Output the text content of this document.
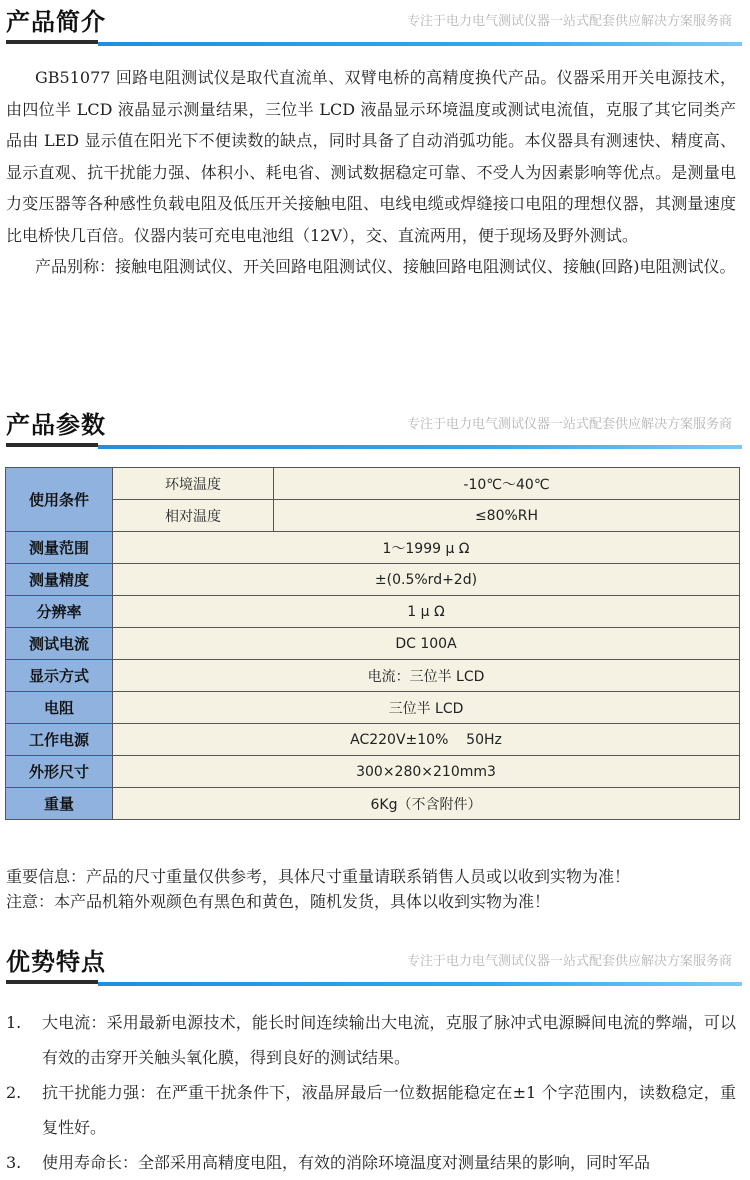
产品简介	专注于电力电气测试仪器一站式配套供应解决方案服务商

GB51077 回路电阻测试仪是取代直流单、双臂电桥的高精度换代产品。仪器采用开关电源技术，由四位半 LCD 液晶显示测量结果，三位半 LCD 液晶显示环境温度或测试电流值，克服了其它同类产品由 LED 显示值在阳光下不便读数的缺点，同时具备了自动消弧功能。本仪器具有测速快、精度高、显示直观、抗干扰能力强、体积小、耗电省、测试数据稳定可靠、不受人为因素影响等优点。是测量电力变压器等各种感性负载电阻及低压开关接触电阻、电线电缆或焊缝接口电阻的理想仪器，其测量速度比电桥快几百倍。仪器内装可充电电池组（12V），交、直流两用，便于现场及野外测试。

产品别称：接触电阻测试仪、开关回路电阻测试仪、接触回路电阻测试仪、接触(回路)电阻测试仪。

产品参数	专注于电力电气测试仪器一站式配套供应解决方案服务商
使用条件	环境温度	-10℃～40℃
	相对温度	≤80%RH
测量范围	1～1999 μ Ω	
测量精度	±(0.5%rd+2d)	
分辨率	1 μ Ω	
测试电流	DC 100A	
显示方式	电流：三位半 LCD	
电阻	三位半 LCD	
工作电源	AC220V±10%    50Hz	
外形尺寸	300×280×210mm3	
重量	6Kg（不含附件）	
重要信息：产品的尺寸重量仅供参考，具体尺寸重量请联系销售人员或以收到实物为准！
注意：本产品机箱外观颜色有黑色和黄色，随机发货，具体以收到实物为准！
优势特点	专注于电力电气测试仪器一站式配套供应解决方案服务商
1. 大电流：采用最新电源技术，能长时间连续输出大电流，克服了脉冲式电源瞬间电流的弊端，可以有效的击穿开关触头氧化膜，得到良好的测试结果。
2. 抗干扰能力强：在严重干扰条件下，液晶屏最后一位数据能稳定在±1 个字范围内，读数稳定，重复性好。
3. 使用寿命长：全部采用高精度电阻，有效的消除环境温度对测量结果的影响，同时军品
